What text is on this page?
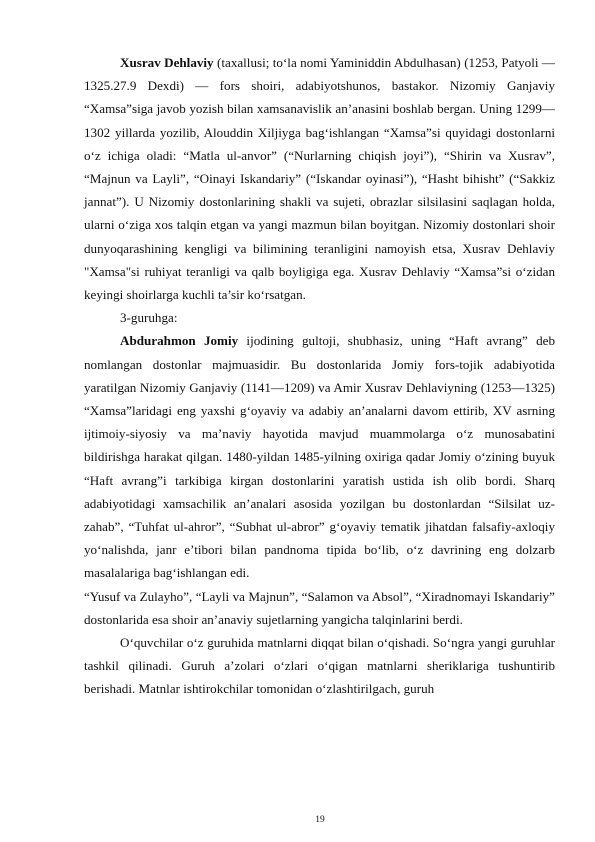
Xusrav Dehlaviy (taxallusi; to‘la nomi Yaminiddin Abdulhasan) (1253, Patyoli — 1325.27.9 Dexdi) — fors shoiri, adabiyotshunos, bastakor. Nizomiy Ganjaviy “Xamsa”siga javob yozish bilan xamsanavislik an’anasini boshlab bergan. Uning 1299—1302 yillarda yozilib, Alouddin Xiljiyga bag‘ishlangan “Xamsa”si quyidagi dostonlarni o‘z ichiga oladi: “Matla ul-anvor” (“Nurlarning chiqish joyi”), “Shirin va Xusrav”, “Majnun va Layli”, “Oinayi Iskandariy” (“Iskandar oyinasi”), “Hasht bihisht” (“Sakkiz jannat”). U Nizomiy dostonlarining shakli va sujeti, obrazlar silsilasini saqlagan holda, ularni o‘ziga xos talqin etgan va yangi mazmun bilan boyitgan. Nizomiy dostonlari shoir dunyoqarashining kengligi va bilimining teranligini namoyish etsa, Xusrav Dehlaviy "Xamsa"si ruhiyat teranligi va qalb boyligiga ega. Xusrav Dehlaviy “Xamsa”si o‘zidan keyingi shoirlarga kuchli ta’sir ko‘rsatgan.

3-guruhga:

Abdurahmon Jomiy ijodining gultoji, shubhasiz, uning “Haft avrang” deb nomlangan dostonlar majmuasidir. Bu dostonlarida Jomiy fors-tojik adabiyotida yaratilgan Nizomiy Ganjaviy (1141—1209) va Amir Xusrav Dehlaviyning (1253—1325) “Xamsa”laridagi eng yaxshi g‘oyaviy va adabiy an’analarni davom ettirib, XV asrning ijtimoiy-siyosiy va ma’naviy hayotida mavjud muammolarga o‘z munosabatini bildirishga harakat qilgan. 1480-yildan 1485-yilning oxiriga qadar Jomiy o‘zining buyuk “Haft avrang”i tarkibiga kirgan dostonlarini yaratish ustida ish olib bordi. Sharq adabiyotidagi xamsachilik an’analari asosida yozilgan bu dostonlardan “Silsilat uz-zahab”, “Tuhfat ul-ahror”, “Subhat ul-abror” g‘oyaviy tematik jihatdan falsafiy-axloqiy yo‘nalishda, janr e’tibori bilan pandnoma tipida bo‘lib, o‘z davrining eng dolzarb masalalariga bag‘ishlangan edi.

“Yusuf va Zulayho”, “Layli va Majnun”, “Salamon va Absol”, “Xiradnomayi Iskandariy” dostonlarida esa shoir an’anaviy sujetlarning yangicha talqinlarini berdi.

O‘quvchilar o‘z guruhida matnlarni diqqat bilan o‘qishadi. So‘ngra yangi guruhlar tashkil qilinadi. Guruh a’zolari o‘zlari o‘qigan matnlarni sheriklariga tushuntirib berishadi. Matnlar ishtirokchilar tomonidan o‘zlashtirilgach, guruh

19
